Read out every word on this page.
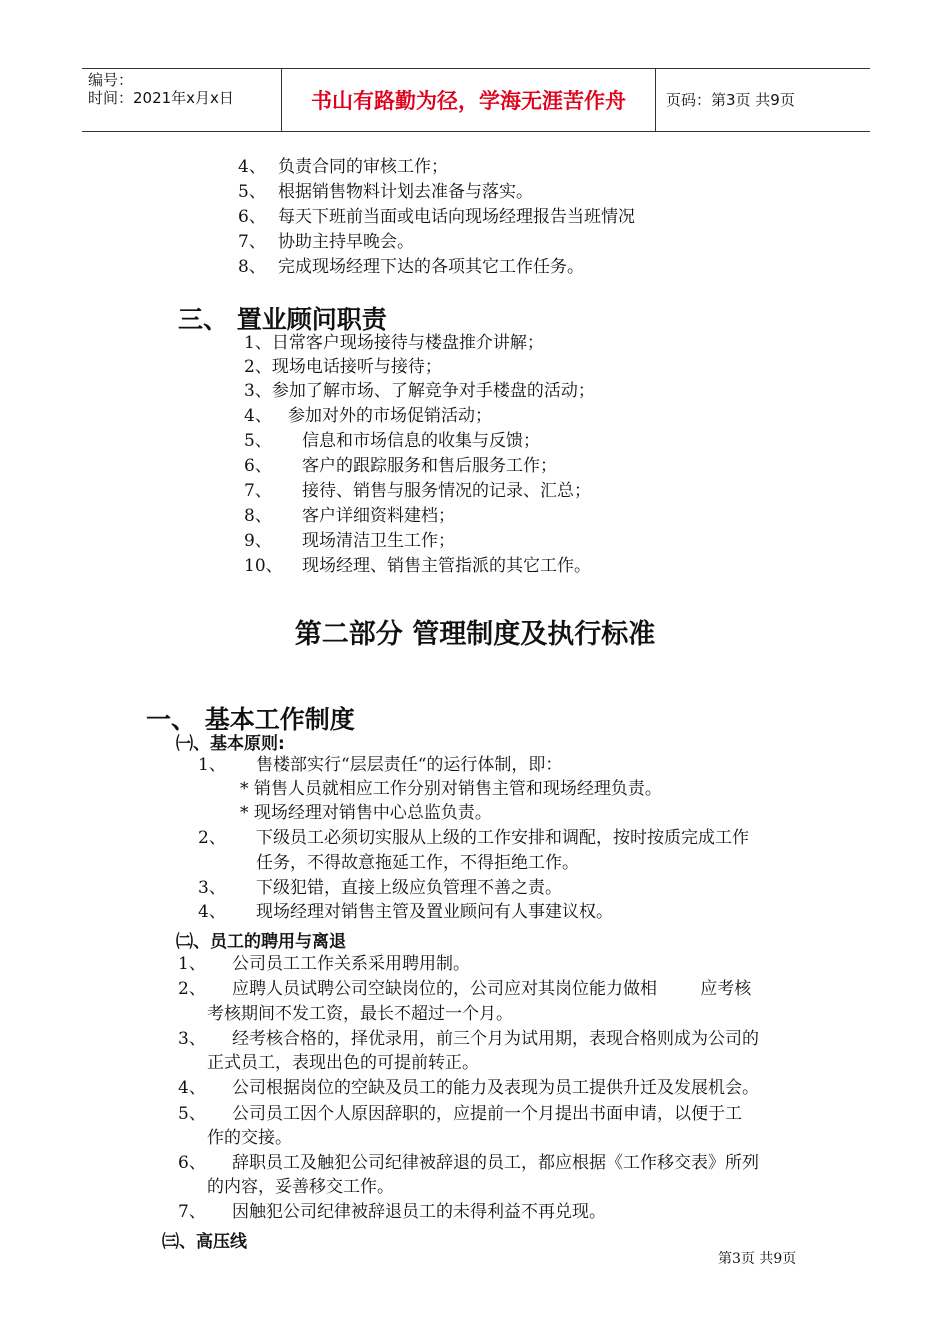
编号：
时间：2021年x月x日	书山有路勤为径，学海无涯苦作舟	页码：第3页 共9页
4、 负责合同的审核工作；
5、 根据销售物料计划去准备与落实。
6、 每天下班前当面或电话向现场经理报告当班情况
7、 协助主持早晚会。
8、 完成现场经理下达的各项其它工作任务。
三、 置业顾问职责
1、日常客户现场接待与楼盘推介讲解；
2、现场电话接听与接待；
3、参加了解市场、了解竞争对手楼盘的活动；
4、 参加对外的市场促销活动；
5、 信息和市场信息的收集与反馈；
6、 客户的跟踪服务和售后服务工作；
7、 接待、销售与服务情况的记录、汇总；
8、 客户详细资料建档；
9、 现场清洁卫生工作；
10、 现场经理、销售主管指派的其它工作。
第二部分 管理制度及执行标准
一、 基本工作制度
㈠、基本原则:
1、 售楼部实行“层层责任“的运行体制，即：
* 销售人员就相应工作分别对销售主管和现场经理负责。
* 现场经理对销售中心总监负责。
2、 下级员工必须切实服从上级的工作安排和调配，按时按质完成工作
任务，不得故意拖延工作，不得拒绝工作。
3、 下级犯错，直接上级应负管理不善之责。
4、 现场经理对销售主管及置业顾问有人事建议权。
㈡、员工的聘用与离退
1、 公司员工工作关系采用聘用制。
2、 应聘人员试聘公司空缺岗位的，公司应对其岗位能力做相        应考核
考核期间不发工资，最长不超过一个月。
3、 经考核合格的，择优录用，前三个月为试用期，表现合格则成为公司的
正式员工，表现出色的可提前转正。
4、 公司根据岗位的空缺及员工的能力及表现为员工提供升迁及发展机会。
5、 公司员工因个人原因辞职的，应提前一个月提出书面申请，以便于工
作的交接。
6、 辞职员工及触犯公司纪律被辞退的员工，都应根据《工作移交表》所列
的内容，妥善移交工作。
7、 因触犯公司纪律被辞退员工的未得利益不再兑现。
㈢、高压线
第3页 共9页
